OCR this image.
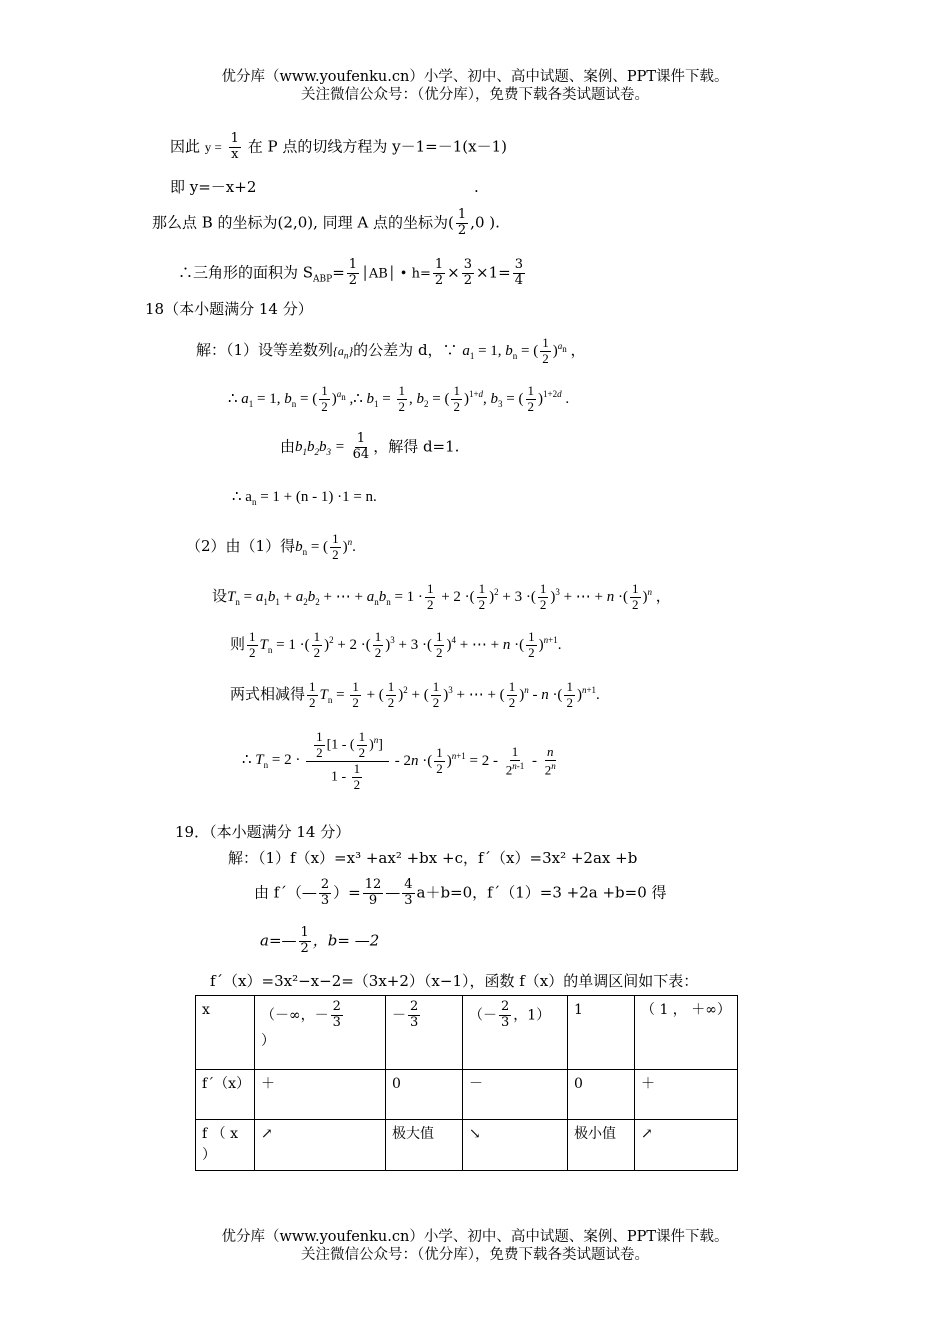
优分库（www.youfenku.cn）小学、初中、高中试题、案例、PPT课件下载。
关注微信公众号：（优分库），免费下载各类试题试卷。
因此 $y = \frac{1}{x}$ 在 P 点的切线方程为 y－1=－1(x－1)
即 y=－x+2	.
那么点 B 的坐标为(2,0), 同理 A 点的坐标为( $\frac{1}{2} ,0$ ).
∴三角形的面积为 $S_{ABP}= \frac{1}{2}$ │AB│ • $h= \frac{1}{2} \times \frac{3}{2} \times 1= \frac{3}{4}$
18（本小题满分 14 分）
解：（1）设等差数列$\{a_n\}$的公差为 d，∵ $a_1 = 1$, $b_n$ = ( $\frac{1}{2} )^{a_n}$ ，
∴ $a_1 = 1$, $b_n$ = ( $\frac{1}{2} )^{a_n}$ ,∴ $b_1 = \frac{1}{2}$ , $b_2$ = ( $\frac{1}{2} )^{1+d}$, $b_3$ = ( $\frac{1}{2} )^{1+2d}$ .
由$b_1b_2b_3 = \frac{1}{64}$ ，解得 d=1.
∴ $a_n = 1 + (n - 1) \cdot 1 = n$.
（2）由（1）得$b_n$ = ( $\frac{1}{2} )^n$.
设$T_n = a_1b_1 + a_2b_2$ + ⋯ + $a_nb_n = 1 \cdot \frac{1}{2} + 2$ ·( $\frac{1}{2} )^2 + 3$ ·( $\frac{1}{2} )^3$ + ⋯ + n ·( $\frac{1}{2} )^n$ ，
则 $\frac{1}{2} T_n = 1$ ·( $\frac{1}{2} )^2 + 2$ ·( $\frac{1}{2} )^3 + 3$ ·( $\frac{1}{2} )^4$ + ⋯ + n ·( $\frac{1}{2} )^{n+1}$.
两式相减得 $\frac{1}{2} T_n = \frac{1}{2}$ + ( $\frac{1}{2} )^2$ + ( $\frac{1}{2} )^3$ + ⋯ + ( $\frac{1}{2} )^n$ - n ·( $\frac{1}{2} )^{n+1}$.
∴ $T_n = 2 \cdot \frac{\frac{1}{2} [1 - ( \frac{1}{2} )^n]}{1 - \frac{1}{2}} - 2n$ ·( $\frac{1}{2} )^{n+1} = 2 - \frac{1}{2^{n-1}} - \frac{n}{2^n}$
19．（本小题满分 14 分）
解：（1）f（x）=x³ +ax² +bx +c，f´（x）=3x² +2ax +b
由 f´（— $\frac{2}{3}$ ）= $\frac{12}{9}$ — $\frac{4}{3} a+b=0$，f´（1）=3 +2a +b=0 得
a=— $\frac{1}{2}$ ，b= —2
f´（x）=3x²−x−2=（3x+2）（x−1），函数 f（x）的单调区间如下表：
x	（－∞，－ $\frac{2}{3}$

）	－ $\frac{2}{3}$	（－ $\frac{2}{3}$ ，1）	1	（ 1 ， ＋∞）
f´（x）	＋	0	－	0	＋
f （ x ）	↗	极大值	↘	极小值	↗
优分库（www.youfenku.cn）小学、初中、高中试题、案例、PPT课件下载。
关注微信公众号：（优分库），免费下载各类试题试卷。
